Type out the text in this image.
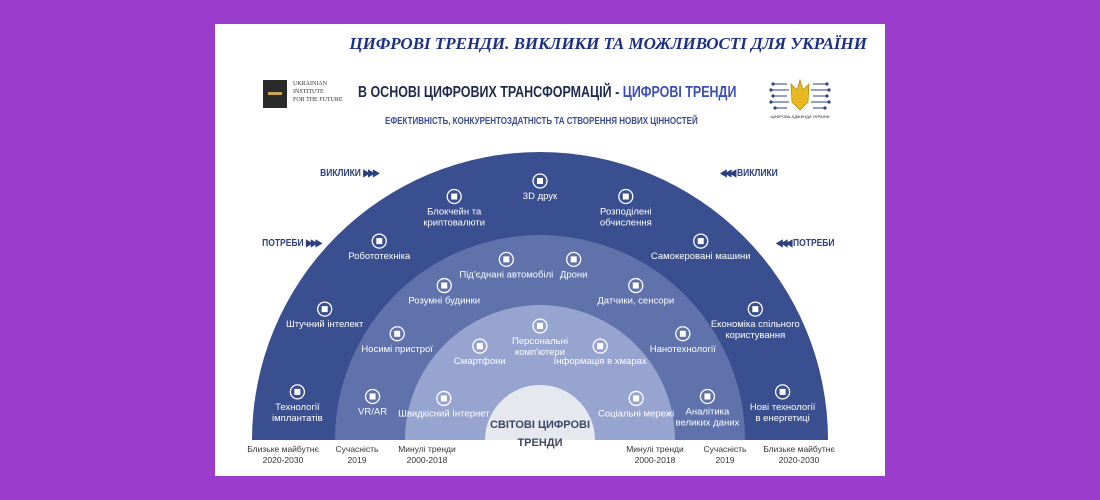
ЦИФРОВІ ТРЕНДИ. ВИКЛИКИ ТА МОЖЛИВОСТІ ДЛЯ УКРАЇНИ
UKRAINIAN
INSTITUTE
FOR THE FUTURE В ОСНОВІ ЦИФРОВИХ ТРАНСФОРМАЦІЙ - ЦИФРОВІ ТРЕНДИ
ЕФЕКТИВНІСТЬ, КОНКУРЕНТОЗДАТНІСТЬ ТА СТВОРЕННЯ НОВИХ ЦІННОСТЕЙ	ЦИФРОВА АДЖЕНДА УКРАЇНИ
ВИКЛИКИ ▶▶▶	◀◀◀ ВИКЛИКИ
ПОТРЕБИ ▶▶▶	◀◀◀ ПОТРЕБИ
Технології
імплантатів
Штучний інтелект
Робототехніка
Блокчейн та
криптовалюти
3D друк
Розподілені
обчислення
Самокеровані машини
Економіка спільного
користування
Нові технології
в енергетиці
VR/AR
Носимі пристрої
Розумні будинки
Під'єднані автомобілі Дрони
Датчики, сенсори
Нанотехнології
Аналітика
великих даних
Швидкісний Інтернет
Смартфони
Персональні
комп'ютери
Інформація в хмарах
Соціальні мережі
СВІТОВІ ЦИФРОВІ
ТРЕНДИ
Близьке майбутнє
2020-2030
Сучасність
2019
Минулі тренди
2000-2018
Минулі тренди
2000-2018
Сучасність
2019
Близьке майбутнє
2020-2030
